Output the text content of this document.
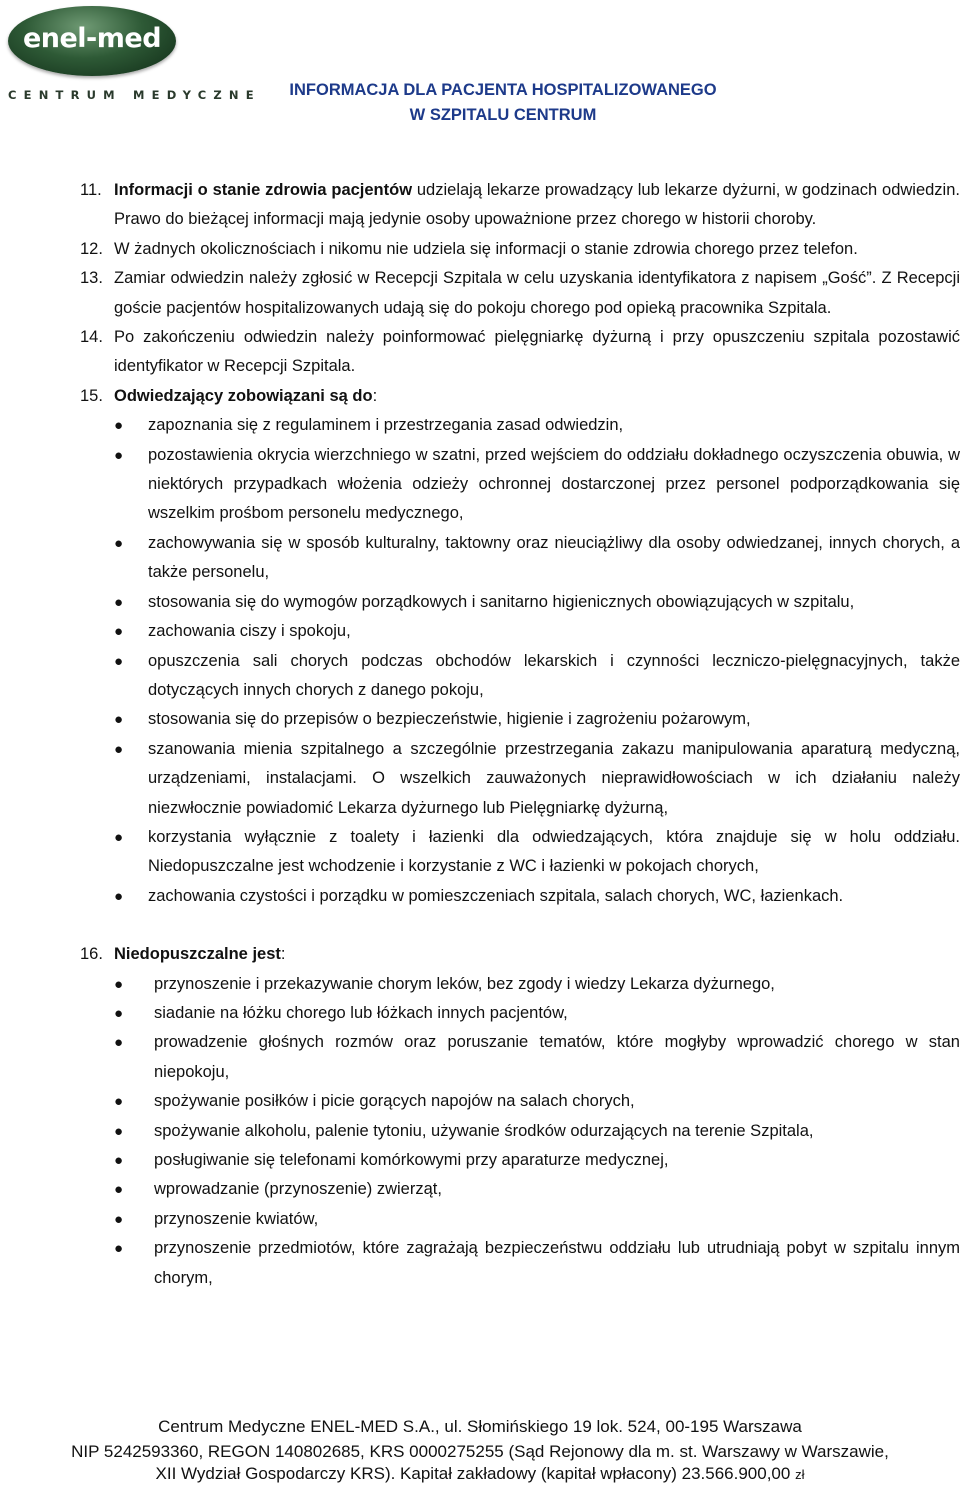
enel-med
CENTRUM MEDYCZNE	INFORMACJA DLA PACJENTA HOSPITALIZOWANEGO
W SZPITALU CENTRUM
11. Informacji o stanie zdrowia pacjentów udzielają lekarze prowadzący lub lekarze dyżurni, w godzinach odwiedzin. Prawo do bieżącej informacji mają jedynie osoby upoważnione przez chorego w historii choroby.
12. W żadnych okolicznościach i nikomu nie udziela się informacji o stanie zdrowia chorego przez telefon.
13. Zamiar odwiedzin należy zgłosić w Recepcji Szpitala w celu uzyskania identyfikatora z napisem „Gość”. Z Recepcji goście pacjentów hospitalizowanych udają się do pokoju chorego pod opieką pracownika Szpitala.
14. Po zakończeniu odwiedzin należy poinformować pielęgniarkę dyżurną i przy opuszczeniu szpitala pozostawić identyfikator w Recepcji Szpitala.
15. Odwiedzający zobowiązani są do:
●	zapoznania się z regulaminem i przestrzegania zasad odwiedzin,
●	pozostawienia okrycia wierzchniego w szatni, przed wejściem do oddziału dokładnego oczyszczenia obuwia, w niektórych przypadkach włożenia odzieży ochronnej dostarczonej przez personel podporządkowania się wszelkim prośbom personelu medycznego,
●	zachowywania się w sposób kulturalny, taktowny oraz nieuciążliwy dla osoby odwiedzanej, innych chorych, a także personelu,
●	stosowania się do wymogów porządkowych i sanitarno higienicznych obowiązujących w szpitalu,
●	zachowania ciszy i spokoju,
●	opuszczenia sali chorych podczas obchodów lekarskich i czynności leczniczo-pielęgnacyjnych, także dotyczących innych chorych z danego pokoju,
●	stosowania się do przepisów o bezpieczeństwie, higienie i zagrożeniu pożarowym,
●	szanowania mienia szpitalnego a szczególnie przestrzegania zakazu manipulowania aparaturą medyczną, urządzeniami, instalacjami. O wszelkich zauważonych nieprawidłowościach w ich działaniu należy niezwłocznie powiadomić Lekarza dyżurnego lub Pielęgniarkę dyżurną,
●	korzystania wyłącznie z toalety i łazienki dla odwiedzających, która znajduje się w holu oddziału. Niedopuszczalne jest wchodzenie i korzystanie z WC i łazienki w pokojach chorych,
●	zachowania czystości i porządku w pomieszczeniach szpitala, salach chorych, WC, łazienkach.
16. Niedopuszczalne jest:
●	przynoszenie i przekazywanie chorym leków, bez zgody i wiedzy Lekarza dyżurnego,
●	siadanie na łóżku chorego lub łóżkach innych pacjentów,
●	prowadzenie głośnych rozmów oraz poruszanie tematów, które mogłyby wprowadzić chorego w stan niepokoju,
●	spożywanie posiłków i picie gorących napojów na salach chorych,
●	spożywanie alkoholu, palenie tytoniu, używanie środków odurzających na terenie Szpitala,
●	posługiwanie się telefonami komórkowymi przy aparaturze medycznej,
●	wprowadzanie (przynoszenie) zwierząt,
●	przynoszenie kwiatów,
●	przynoszenie przedmiotów, które zagrażają bezpieczeństwu oddziału lub utrudniają pobyt w szpitalu innym chorym,
Centrum Medyczne ENEL-MED S.A., ul. Słomińskiego 19 lok. 524, 00-195 Warszawa
NIP 5242593360, REGON 140802685, KRS 0000275255 (Sąd Rejonowy dla m. st. Warszawy w Warszawie,
XII Wydział Gospodarczy KRS). Kapitał zakładowy (kapitał wpłacony) 23.566.900,00 zł
